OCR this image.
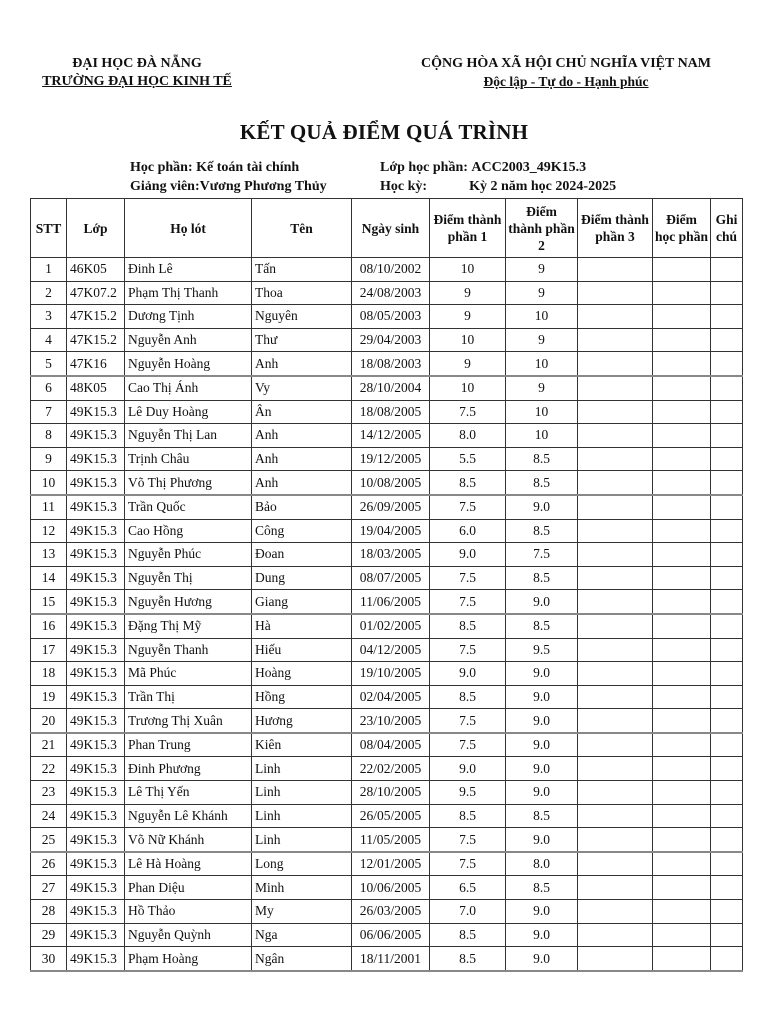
ĐẠI HỌC ĐÀ NẴNG
TRƯỜNG ĐẠI HỌC KINH TẾ
CỘNG HÒA XÃ HỘI CHỦ NGHĨA VIỆT NAM
Độc lập - Tự do - Hạnh phúc
KẾT QUẢ ĐIỂM QUÁ TRÌNH
Học phần: Kế toán tài chính
Giảng viên:Vương Phương Thủy
Lớp học phần: ACC2003_49K15.3
Học kỳ:	Kỳ 2 năm học 2024-2025
STT	Lớp	Họ lót	Tên	Ngày sinh	Điểm thành phần 1	Điểm thành phần 2	Điểm thành phần 3	Điểm học phần	Ghi chú
1	46K05	Đinh Lê	Tấn	08/10/2002	10	9			
2	47K07.2	Phạm Thị Thanh	Thoa	24/08/2003	9	9			
3	47K15.2	Dương Tịnh	Nguyên	08/05/2003	9	10			
4	47K15.2	Nguyễn Anh	Thư	29/04/2003	10	9			
5	47K16	Nguyễn Hoàng	Anh	18/08/2003	9	10			
6	48K05	Cao Thị Ánh	Vy	28/10/2004	10	9			
7	49K15.3	Lê Duy Hoàng	Ân	18/08/2005	7.5	10			
8	49K15.3	Nguyễn Thị Lan	Anh	14/12/2005	8.0	10			
9	49K15.3	Trịnh Châu	Anh	19/12/2005	5.5	8.5			
10	49K15.3	Võ Thị Phương	Anh	10/08/2005	8.5	8.5			
11	49K15.3	Trần Quốc	Bảo	26/09/2005	7.5	9.0			
12	49K15.3	Cao Hồng	Công	19/04/2005	6.0	8.5			
13	49K15.3	Nguyễn Phúc	Đoan	18/03/2005	9.0	7.5			
14	49K15.3	Nguyễn Thị	Dung	08/07/2005	7.5	8.5			
15	49K15.3	Nguyễn Hương	Giang	11/06/2005	7.5	9.0			
16	49K15.3	Đặng Thị Mỹ	Hà	01/02/2005	8.5	8.5			
17	49K15.3	Nguyễn Thanh	Hiếu	04/12/2005	7.5	9.5			
18	49K15.3	Mã Phúc	Hoàng	19/10/2005	9.0	9.0			
19	49K15.3	Trần Thị	Hồng	02/04/2005	8.5	9.0			
20	49K15.3	Trương Thị Xuân	Hương	23/10/2005	7.5	9.0			
21	49K15.3	Phan Trung	Kiên	08/04/2005	7.5	9.0			
22	49K15.3	Đinh Phương	Linh	22/02/2005	9.0	9.0			
23	49K15.3	Lê Thị Yến	Linh	28/10/2005	9.5	9.0			
24	49K15.3	Nguyễn Lê Khánh	Linh	26/05/2005	8.5	8.5			
25	49K15.3	Võ Nữ Khánh	Linh	11/05/2005	7.5	9.0			
26	49K15.3	Lê Hà Hoàng	Long	12/01/2005	7.5	8.0			
27	49K15.3	Phan Diệu	Minh	10/06/2005	6.5	8.5			
28	49K15.3	Hồ Thảo	My	26/03/2005	7.0	9.0			
29	49K15.3	Nguyễn Quỳnh	Nga	06/06/2005	8.5	9.0			
30	49K15.3	Phạm Hoàng	Ngân	18/11/2001	8.5	9.0			
